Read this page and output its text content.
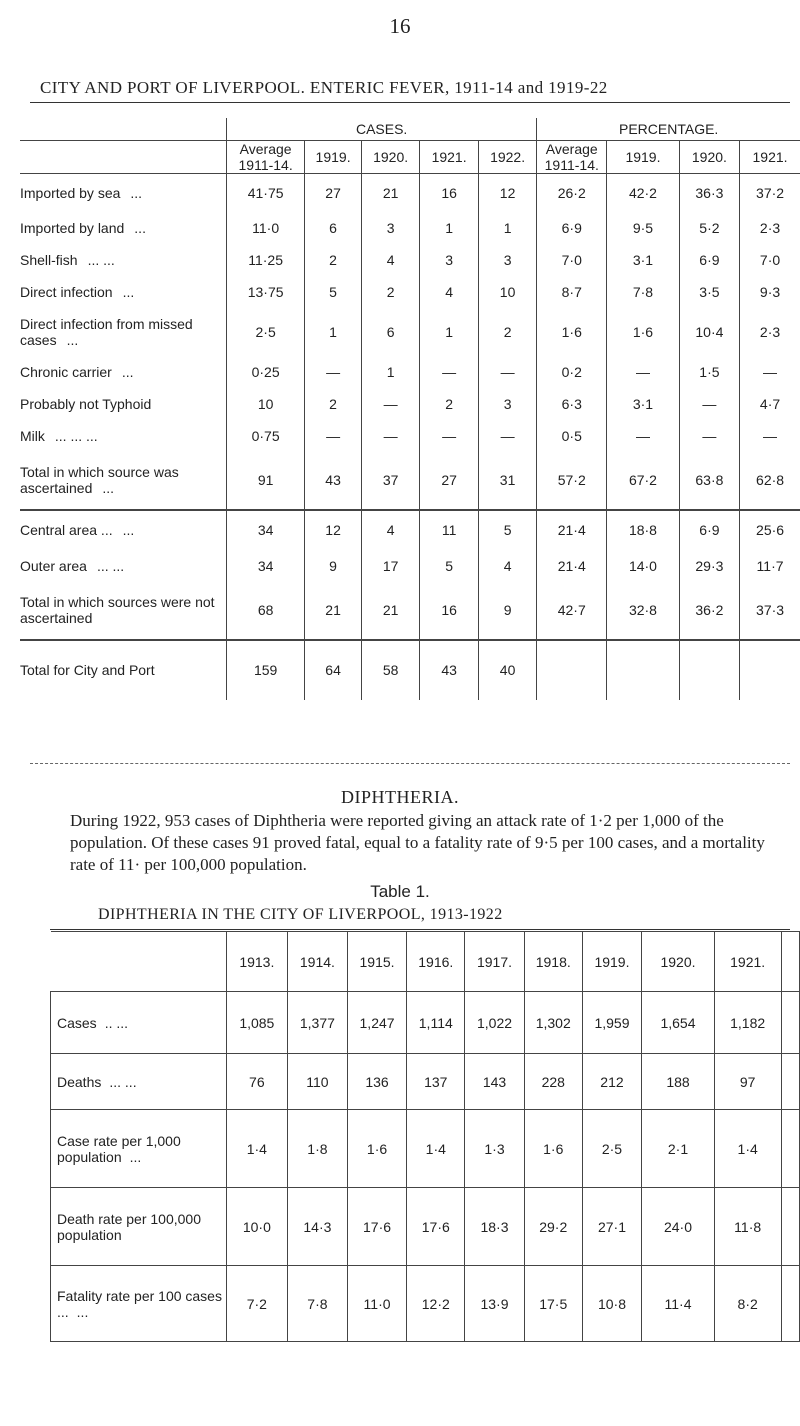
16
CITY AND PORT OF LIVERPOOL. ENTERIC FEVER, 1911-14 and 1919-22
	CASES.					PERCENTAGE.			
	Average 1911-14.	1919.	1920.	1921.	1922.	Average 1911-14.	1919.	1920.	1921.
Imported by sea ...	41·75	27	21	16	12	26·2	42·2	36·3	37·2
Imported by land ...	11·0	6	3	1	1	6·9	9·5	5·2	2·3
Shell-fish ... ...	11·25	2	4	3	3	7·0	3·1	6·9	7·0
Direct infection ...	13·75	5	2	4	10	8·7	7·8	3·5	9·3
Direct infection from missed cases ...	2·5	1	6	1	2	1·6	1·6	10·4	2·3
Chronic carrier ...	0·25	—	1	—	—	0·2	—	1·5	—
Probably not Typhoid	10	2	—	2	3	6·3	3·1	—	4·7
Milk ... ... ...	0·75	—	—	—	—	0·5	—	—	—
Total in which source was ascertained ...	91	43	37	27	31	57·2	67·2	63·8	62·8
Central area ... ...	34	12	4	11	5	21·4	18·8	6·9	25·6
Outer area ... ...	34	9	17	5	4	21·4	14·0	29·3	11·7
Total in which sources were not ascertained	68	21	21	16	9	42·7	32·8	36·2	37·3
Total for City and Port	159	64	58	43	40				
DIPHTHERIA.

During 1922, 953 cases of Diphtheria were reported giving an attack rate of 1·2 per 1,000 of the population. Of these cases 91 proved fatal, equal to a fatality rate of 9·5 per 100 cases, and a mortality rate of 11· per 100,000 population.

Table 1.
DIPHTHERIA IN THE CITY OF LIVERPOOL, 1913-1922
	1913.	1914.	1915.	1916.	1917.	1918.	1919.	1920.	1921.	
Cases .. ...	1,085	1,377	1,247	1,114	1,022	1,302	1,959	1,654	1,182	
Deaths ... ...	76	110	136	137	143	228	212	188	97	
Case rate per 1,000 population ...	1·4	1·8	1·6	1·4	1·3	1·6	2·5	2·1	1·4	
Death rate per 100,000 population	10·0	14·3	17·6	17·6	18·3	29·2	27·1	24·0	11·8	
Fatality rate per 100 cases ... ...	7·2	7·8	11·0	12·2	13·9	17·5	10·8	11·4	8·2	
